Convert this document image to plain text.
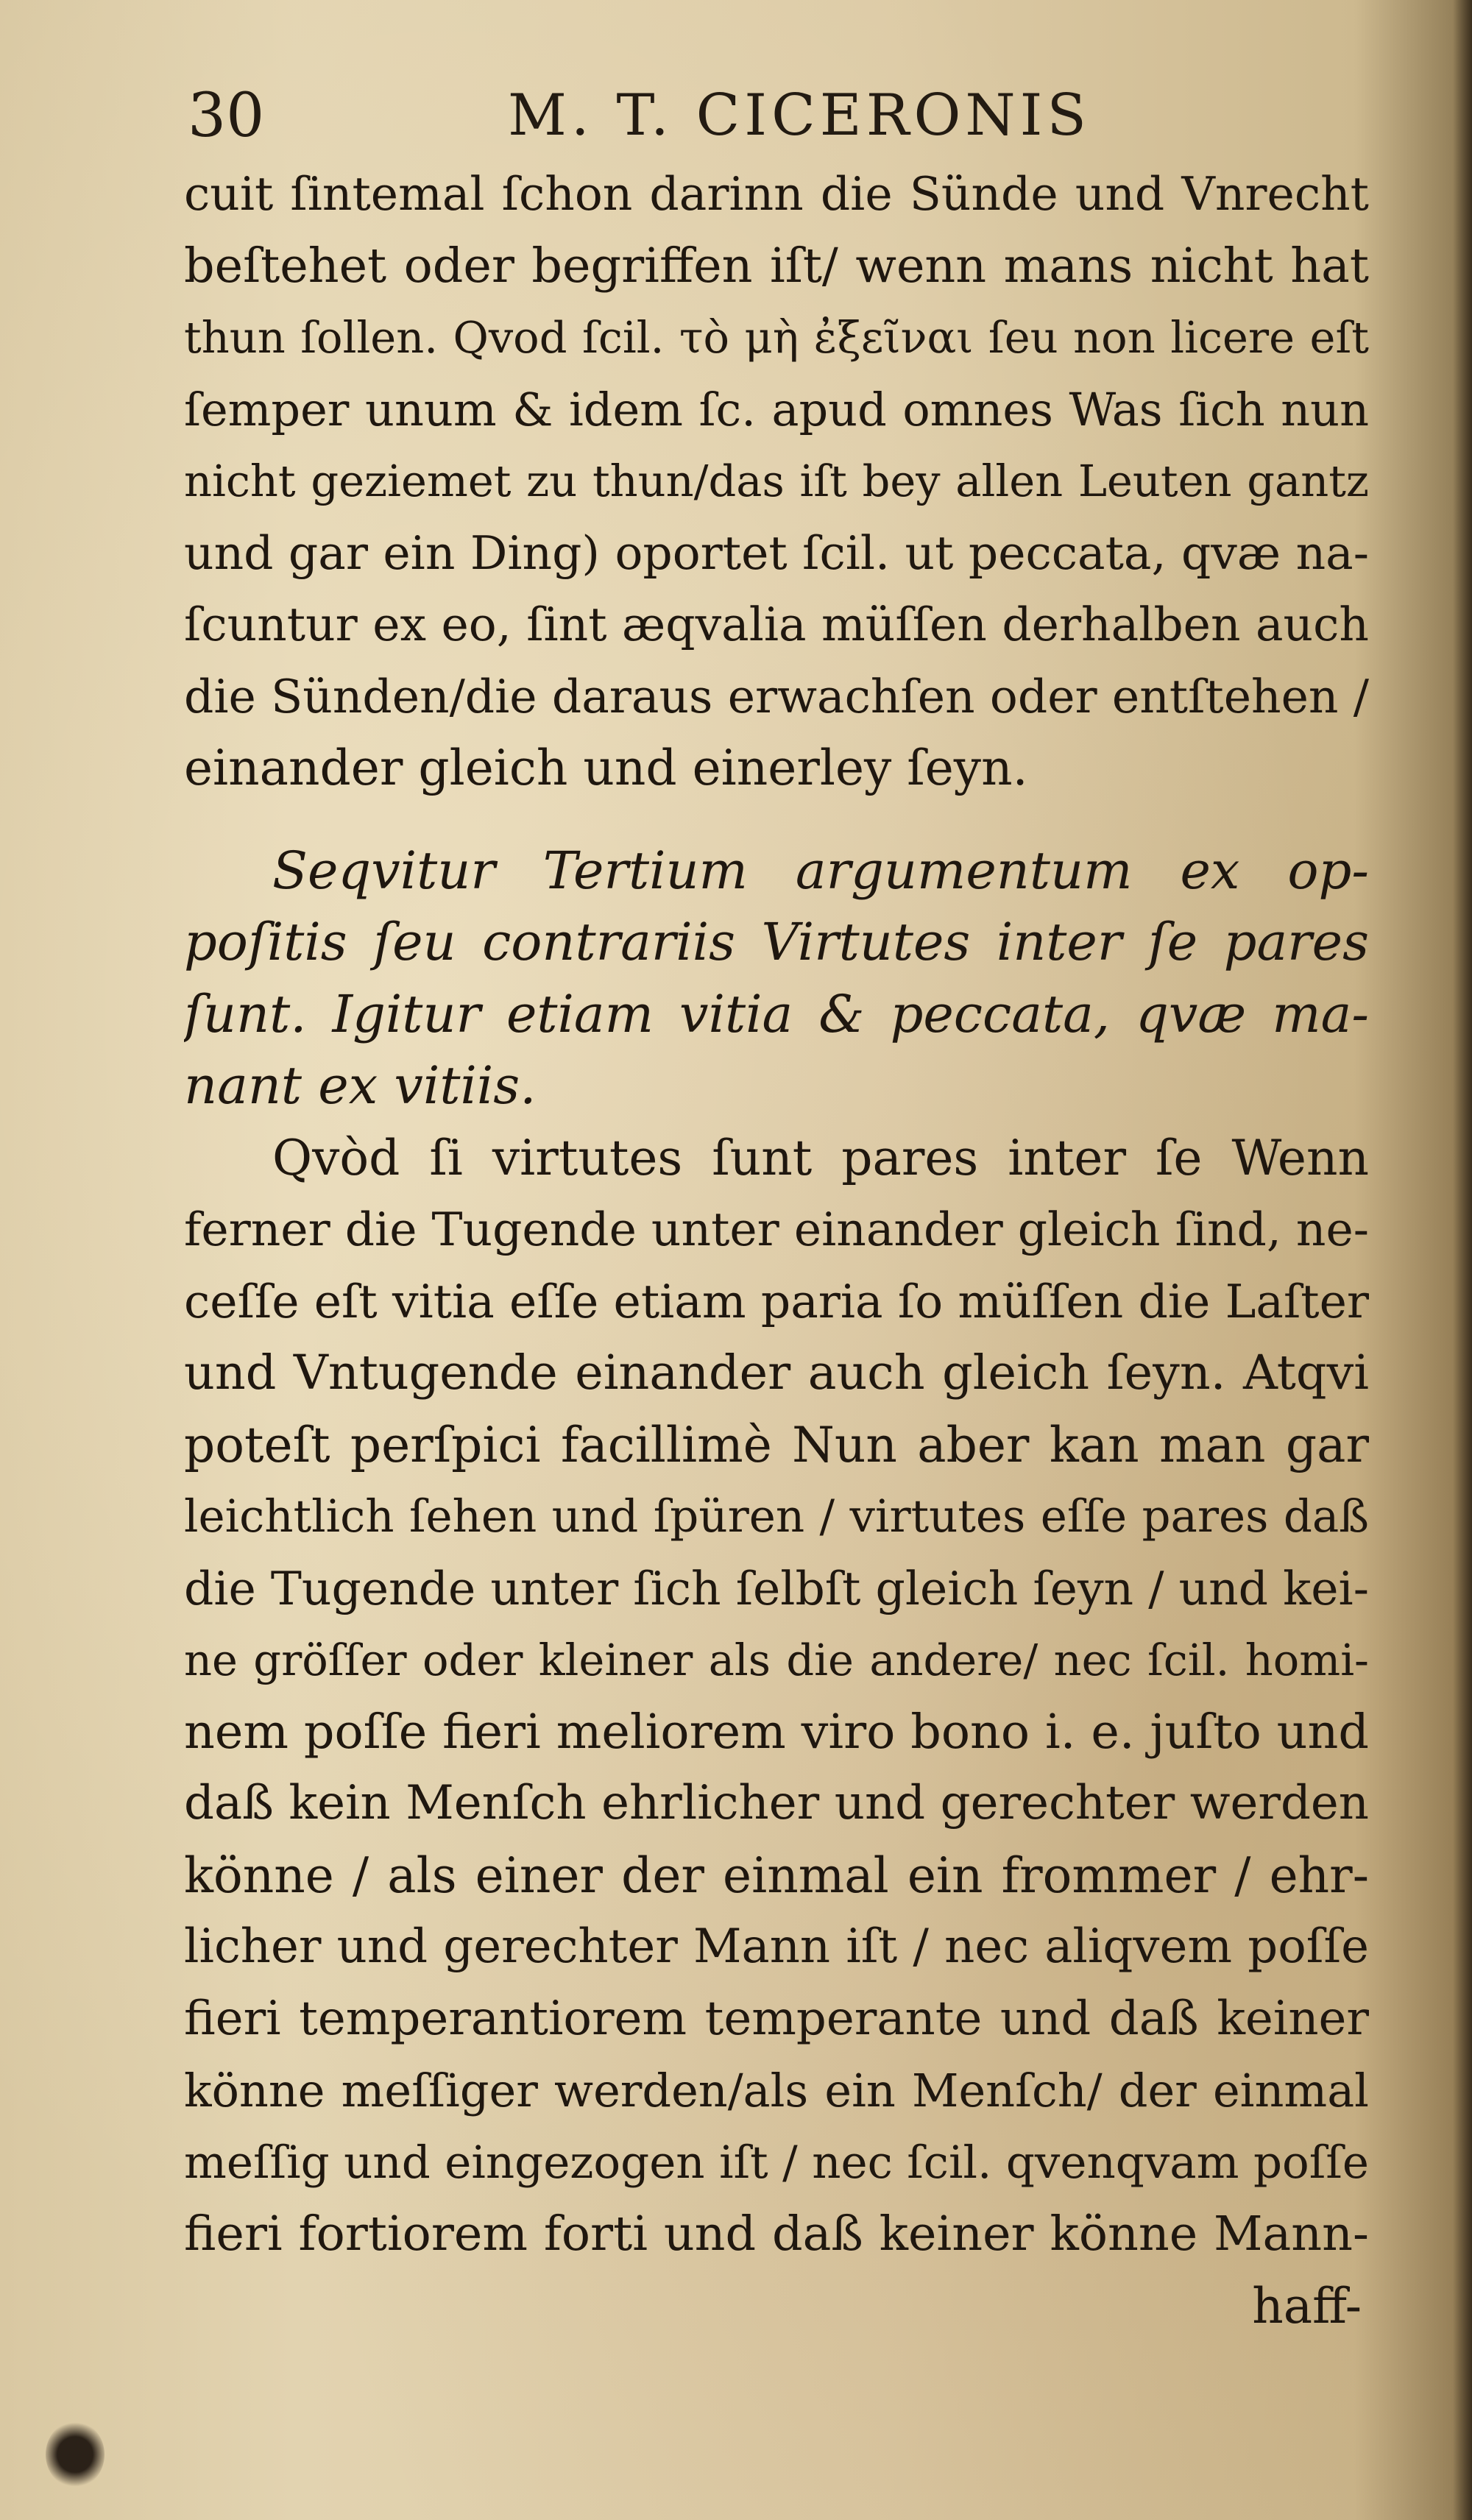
30	M. T. CICERONIS
cuit ſintemal ſchon darinn die Sünde und Vnrecht
beſtehet oder begriffen iſt/ wenn mans nicht hat
thun ſollen. Qvod ſcil. τὸ μὴ ἐξεῖναι ſeu non licere eſt
ſemper unum & idem ſc. apud omnes Was ſich nun
nicht geziemet zu thun/das iſt bey allen Leuten gantz
und gar ein Ding) oportet ſcil. ut peccata, qvæ na-
ſcuntur ex eo, ſint æqvalia müſſen derhalben auch
die Sünden/die daraus erwachſen oder entſtehen /
einander gleich und einerley ſeyn.
Seqvitur Tertium argumentum ex op-
poſitis ſeu contrariis Virtutes inter ſe pares
ſunt. Igitur etiam vitia & peccata, qvæ ma-
nant ex vitiis.
Qvòd ſi virtutes ſunt pares inter ſe Wenn
ferner die Tugende unter einander gleich ſind, ne-
ceſſe eſt vitia eſſe etiam paria ſo müſſen die Laſter
und Vntugende einander auch gleich ſeyn. Atqvi
poteſt perſpici facillimè Nun aber kan man gar
leichtlich ſehen und ſpüren / virtutes eſſe pares daß
die Tugende unter ſich ſelbſt gleich ſeyn / und kei-
ne gröſſer oder kleiner als die andere/ nec ſcil. homi-
nem poſſe fieri meliorem viro bono i. e. juſto und
daß kein Menſch ehrlicher und gerechter werden
könne / als einer der einmal ein frommer / ehr-
licher und gerechter Mann iſt / nec aliqvem poſſe
fieri temperantiorem temperante und daß keiner
könne meſſiger werden/als ein Menſch/ der einmal
meſſig und eingezogen iſt / nec ſcil. qvenqvam poſſe
fieri fortiorem forti und daß keiner könne Mann-
haff-
